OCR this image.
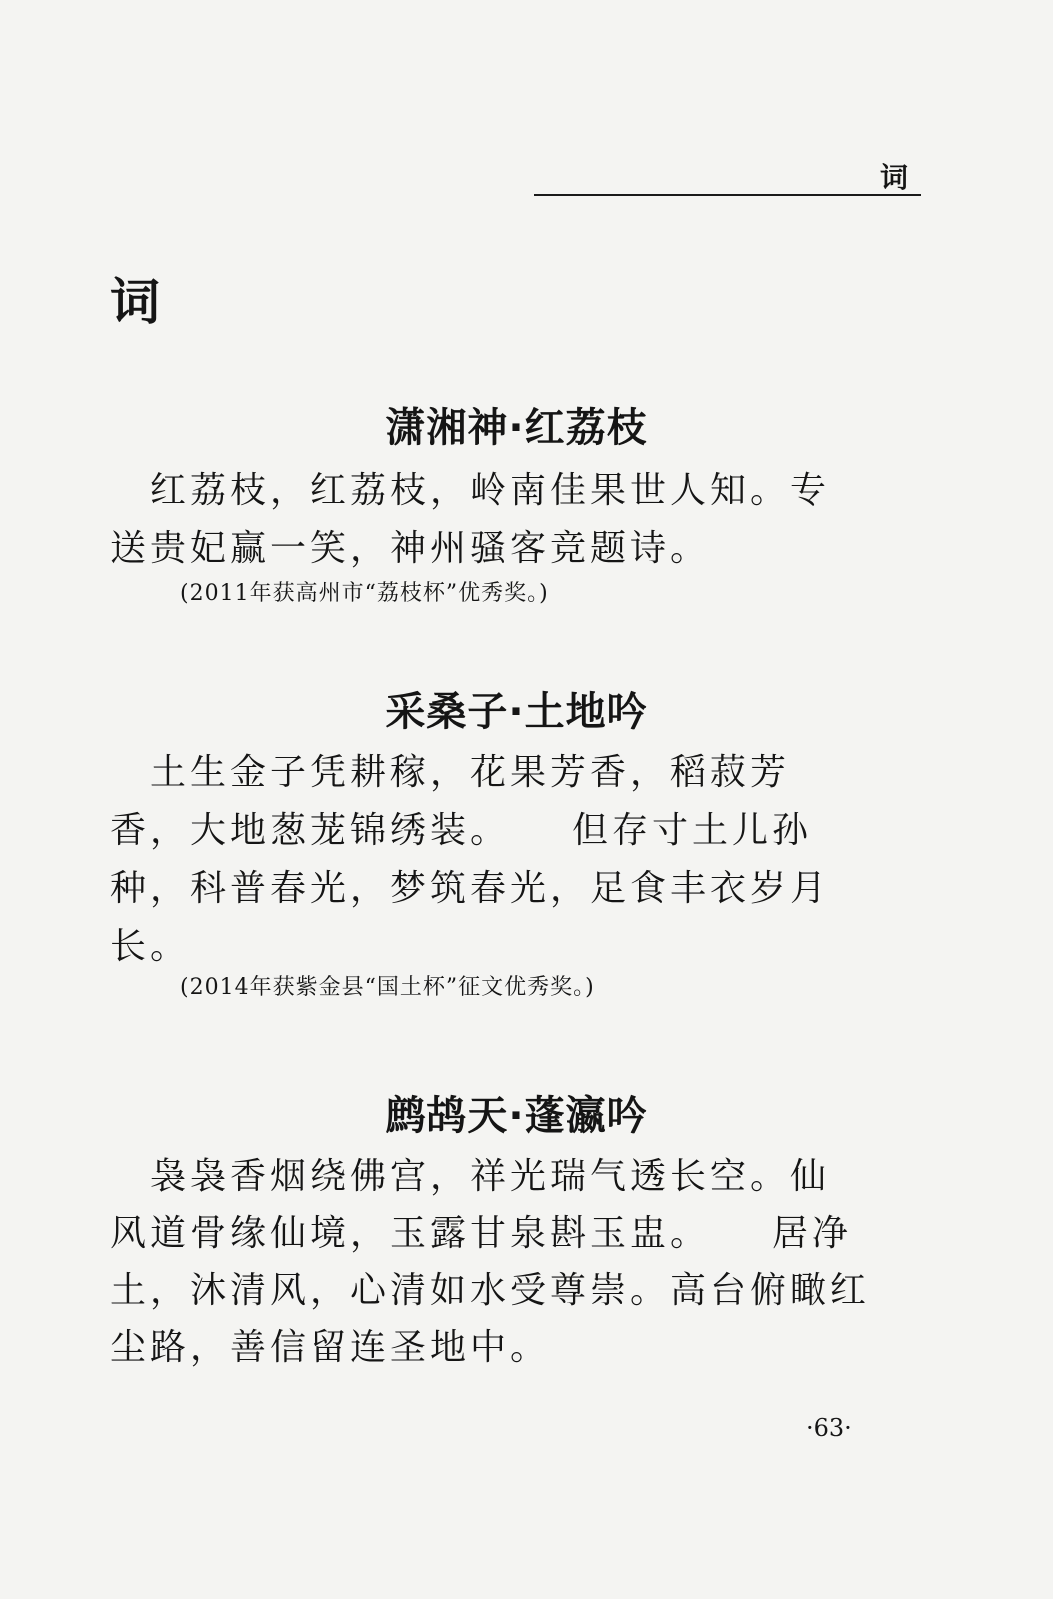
词
词
潇湘神·红荔枝
　红荔枝，红荔枝，岭南佳果世人知。专
送贵妃赢一笑，神州骚客竞题诗。
(2011年获高州市“荔枝杯”优秀奖。)
采桑子·土地吟
　土生金子凭耕稼，花果芳香，稻菽芳
香，大地葱茏锦绣装。　　但存寸土儿孙
种，科普春光，梦筑春光，足食丰衣岁月
长。
(2014年获紫金县“国土杯”征文优秀奖。)
鹧鸪天·蓬瀛吟
　袅袅香烟绕佛宫，祥光瑞气透长空。仙
风道骨缘仙境，玉露甘泉斟玉盅。　　居净
土，沐清风，心清如水受尊崇。高台俯瞰红
尘路，善信留连圣地中。
·63·
